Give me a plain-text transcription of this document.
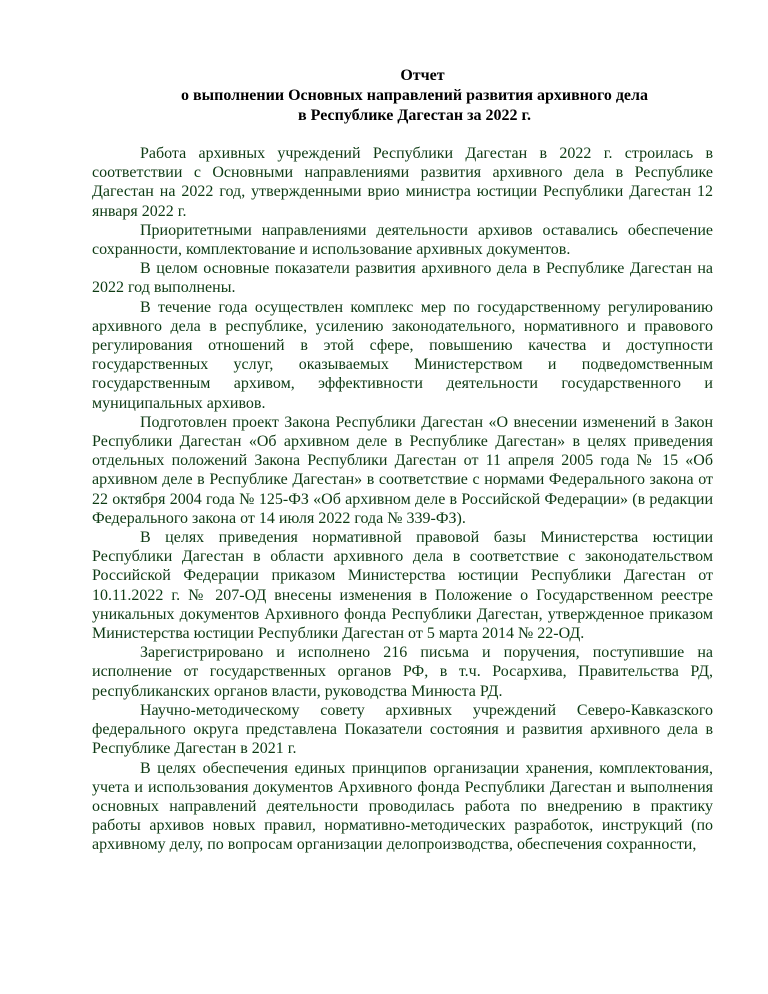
Отчет
о выполнении Основных направлений развития архивного дела
в Республике Дагестан за 2022 г.

Работа архивных учреждений Республики Дагестан в 2022 г. строилась в соответствии с Основными направлениями развития архивного дела в Республике Дагестан на 2022 год, утвержденными врио министра юстиции Республики Дагестан 12 января 2022 г.

Приоритетными направлениями деятельности архивов оставались обеспечение сохранности, комплектование и использование архивных документов.

В целом основные показатели развития архивного дела в Республике Дагестан на 2022 год выполнены.

В течение года осуществлен комплекс мер по государственному регулированию архивного дела в республике, усилению законодательного, нормативного и правового регулирования отношений в этой сфере, повышению качества и доступности государственных услуг, оказываемых Министерством и подведомственным государственным архивом, эффективности деятельности государственного и муниципальных архивов.

Подготовлен проект Закона Республики Дагестан «О внесении изменений в Закон Республики Дагестан «Об архивном деле в Республике Дагестан» в целях приведения отдельных положений Закона Республики Дагестан от 11 апреля 2005 года № 15 «Об архивном деле в Республике Дагестан» в соответствие с нормами Федерального закона от 22 октября 2004 года № 125-ФЗ «Об архивном деле в Российской Федерации» (в редакции Федерального закона от 14 июля 2022 года № 339-ФЗ).

В целях приведения нормативной правовой базы Министерства юстиции Республики Дагестан в области архивного дела в соответствие с законодательством Российской Федерации приказом Министерства юстиции Республики Дагестан от 10.11.2022 г. № 207-ОД внесены изменения в Положение о Государственном реестре уникальных документов Архивного фонда Республики Дагестан, утвержденное приказом Министерства юстиции Республики Дагестан от 5 марта 2014 № 22-ОД.

Зарегистрировано и исполнено 216 письма и поручения, поступившие на исполнение от государственных органов РФ, в т.ч. Росархива, Правительства РД, республиканских органов власти, руководства Минюста РД.

Научно-методическому совету архивных учреждений Северо-Кавказского федерального округа представлена Показатели состояния и развития архивного дела в Республике Дагестан в 2021 г.

В целях обеспечения единых принципов организации хранения, комплектования, учета и использования документов Архивного фонда Республики Дагестан и выполнения основных направлений деятельности проводилась работа по внедрению в практику работы архивов новых правил, нормативно-методических разработок, инструкций (по архивному делу, по вопросам организации делопроизводства, обеспечения сохранности,
